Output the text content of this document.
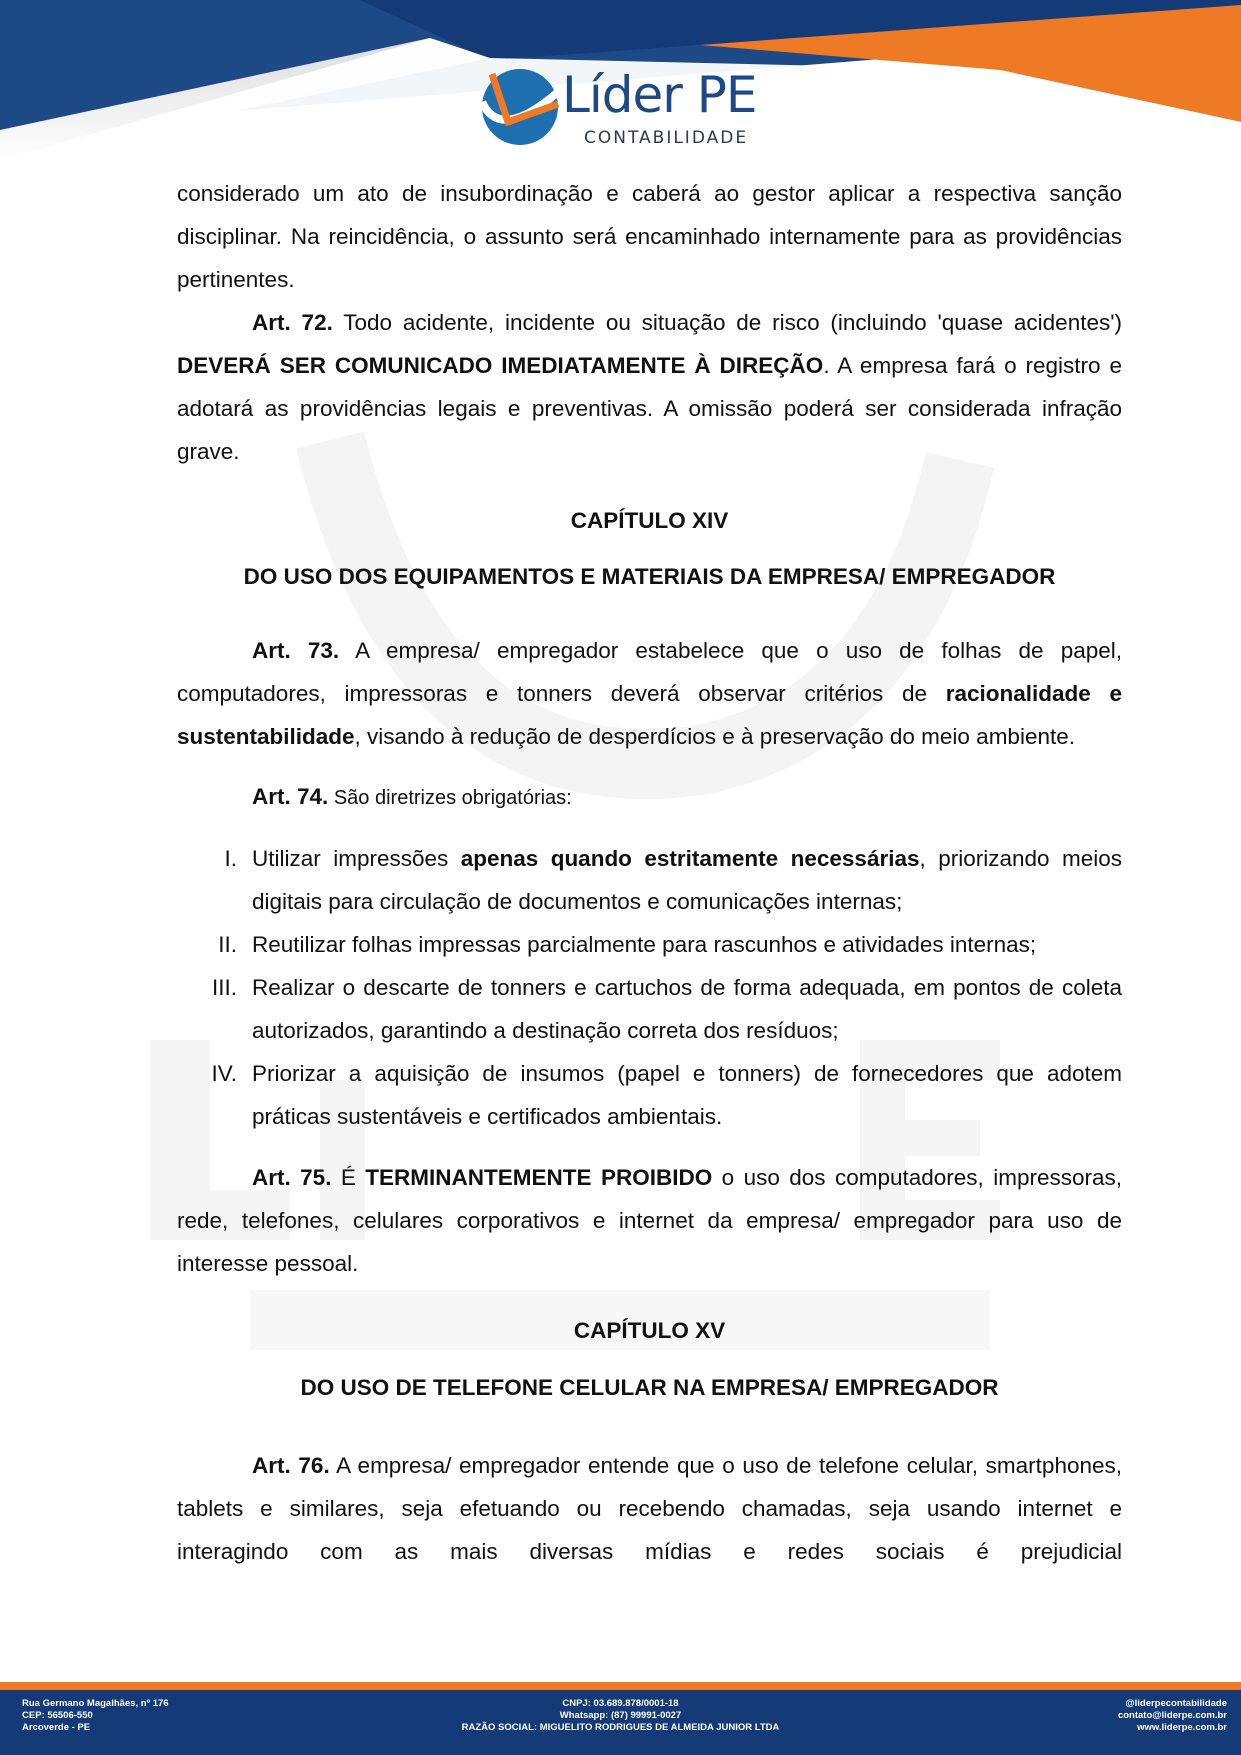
Líder PE
CONTABILIDADE

considerado um ato de insubordinação e caberá ao gestor aplicar a respectiva sanção disciplinar. Na reincidência, o assunto será encaminhado internamente para as providências pertinentes.

Art. 72. Todo acidente, incidente ou situação de risco (incluindo 'quase acidentes') DEVERÁ SER COMUNICADO IMEDIATAMENTE À DIREÇÃO. A empresa fará o registro e adotará as providências legais e preventivas. A omissão poderá ser considerada infração grave.

CAPÍTULO XIV
DO USO DOS EQUIPAMENTOS E MATERIAIS DA EMPRESA/ EMPREGADOR

Art. 73. A empresa/ empregador estabelece que o uso de folhas de papel, computadores, impressoras e tonners deverá observar critérios de racionalidade e sustentabilidade, visando à redução de desperdícios e à preservação do meio ambiente.

Art. 74. São diretrizes obrigatórias:

I. Utilizar impressões apenas quando estritamente necessárias, priorizando meios digitais para circulação de documentos e comunicações internas;
II. Reutilizar folhas impressas parcialmente para rascunhos e atividades internas;
III. Realizar o descarte de tonners e cartuchos de forma adequada, em pontos de coleta autorizados, garantindo a destinação correta dos resíduos;
IV. Priorizar a aquisição de insumos (papel e tonners) de fornecedores que adotem práticas sustentáveis e certificados ambientais.

Art. 75. É TERMINANTEMENTE PROIBIDO o uso dos computadores, impressoras, rede, telefones, celulares corporativos e internet da empresa/ empregador para uso de interesse pessoal.

CAPÍTULO XV
DO USO DE TELEFONE CELULAR NA EMPRESA/ EMPREGADOR

Art. 76. A empresa/ empregador entende que o uso de telefone celular, smartphones, tablets e similares, seja efetuando ou recebendo chamadas, seja usando internet e interagindo com as mais diversas mídias e redes sociais é prejudicial

Rua Germano Magalhães, nº 176
CEP: 56506-550
Arcoverde - PE
CNPJ: 03.689.878/0001-18
Whatsapp: (87) 99991-0027
RAZÃO SOCIAL: MIGUELITO RODRIGUES DE ALMEIDA JUNIOR LTDA
@liderpecontabilidade
contato@liderpe.com.br
www.liderpe.com.br
